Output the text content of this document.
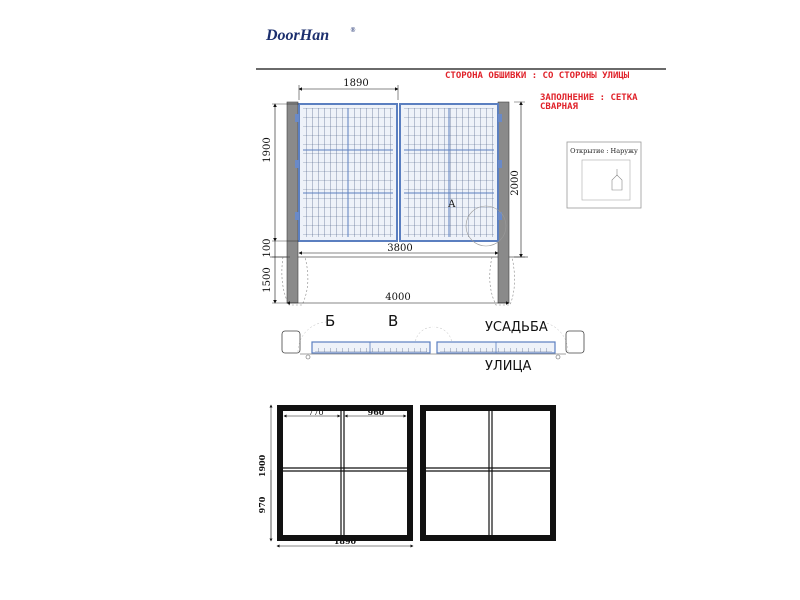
DoorHan	®
СТОРОНА ОБШИВКИ : СО СТОРОНЫ УЛИЦЫ
ЗАПОЛНЕНИЕ : СЕТКА
СВАРНАЯ
Открытие : Наружу
А
1890
1900
100
1500
2000
3800
4000
Б	В	УСАДЬБА
УЛИЦА
770	960
1900
970
1890
